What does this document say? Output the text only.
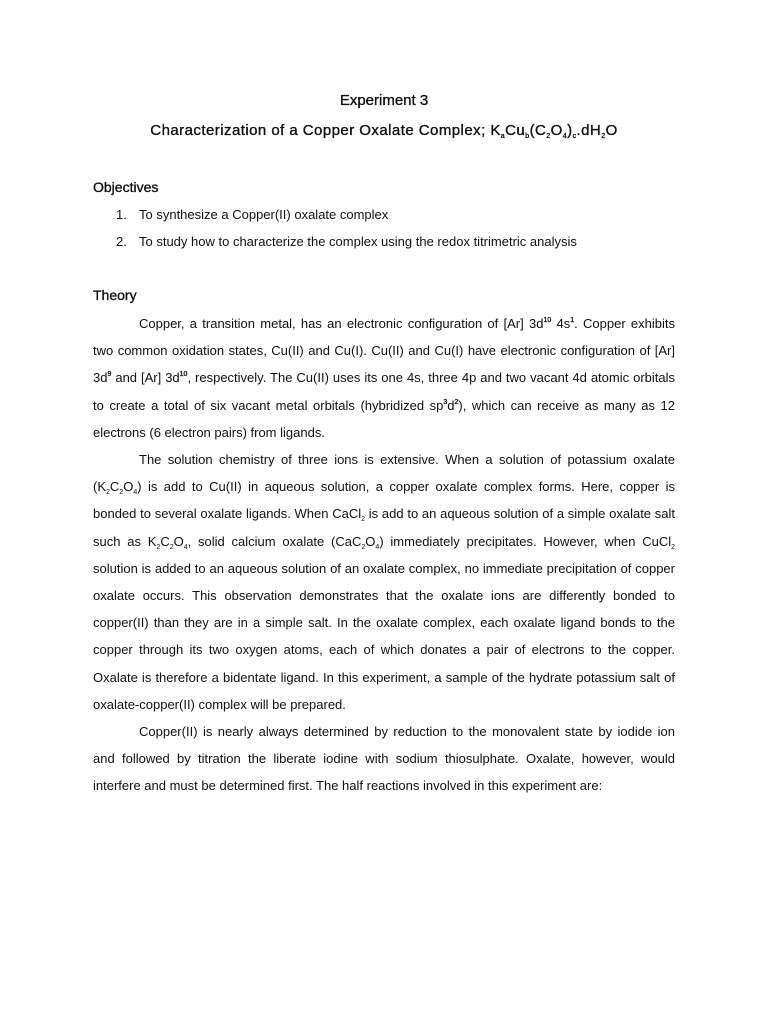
Experiment 3
Characterization of a Copper Oxalate Complex; $K_aCu_b(C_2O_4)_c.dH_2O$
Objectives
1. To synthesize a Copper(II) oxalate complex
2. To study how to characterize the complex using the redox titrimetric analysis
Theory

Copper, a transition metal, has an electronic configuration of [Ar] $3d^{10}$ $4s^1$. Copper exhibits two common oxidation states, Cu(II) and Cu(I). Cu(II) and Cu(I) have electronic configuration of [Ar] $3d^9$ and [Ar] $3d^{10}$, respectively. The Cu(II) uses its one 4s, three 4p and two vacant 4d atomic orbitals to create a total of six vacant metal orbitals (hybridized $sp^3d^2$), which can receive as many as 12 electrons (6 electron pairs) from ligands.

The solution chemistry of three ions is extensive. When a solution of potassium oxalate $(K_2C_2O_4)$ is add to Cu(II) in aqueous solution, a copper oxalate complex forms. Here, copper is bonded to several oxalate ligands. When CaCl$_2$ is add to an aqueous solution of a simple oxalate salt such as $K_2C_2O_4$, solid calcium oxalate $(CaC_2O_4)$ immediately precipitates. However, when CuCl$_2$ solution is added to an aqueous solution of an oxalate complex, no immediate precipitation of copper oxalate occurs. This observation demonstrates that the oxalate ions are differently bonded to copper(II) than they are in a simple salt. In the oxalate complex, each oxalate ligand bonds to the copper through its two oxygen atoms, each of which donates a pair of electrons to the copper. Oxalate is therefore a bidentate ligand. In this experiment, a sample of the hydrate potassium salt of oxalate-copper(II) complex will be prepared.

Copper(II) is nearly always determined by reduction to the monovalent state by iodide ion and followed by titration the liberate iodine with sodium thiosulphate. Oxalate, however, would interfere and must be determined first. The half reactions involved in this experiment are:
